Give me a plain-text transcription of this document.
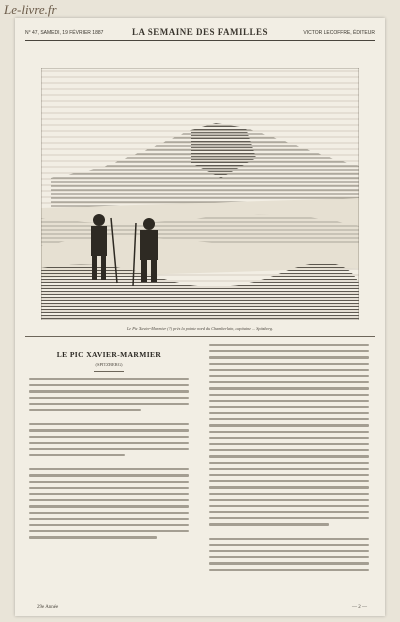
Le-livre.fr
N° 47, SAMEDI, 19 FÉVRIER 1887	LA SEMAINE DES FAMILLES	VICTOR LECOFFRE, ÉDITEUR
Le Pic Xavier-Marmier (?) près la pointe nord du Chamberlain, capitaine ... Spitzberg.
LE PIC XAVIER-MARMIER
(SPITZBERG)
29e Année	— 2 —
